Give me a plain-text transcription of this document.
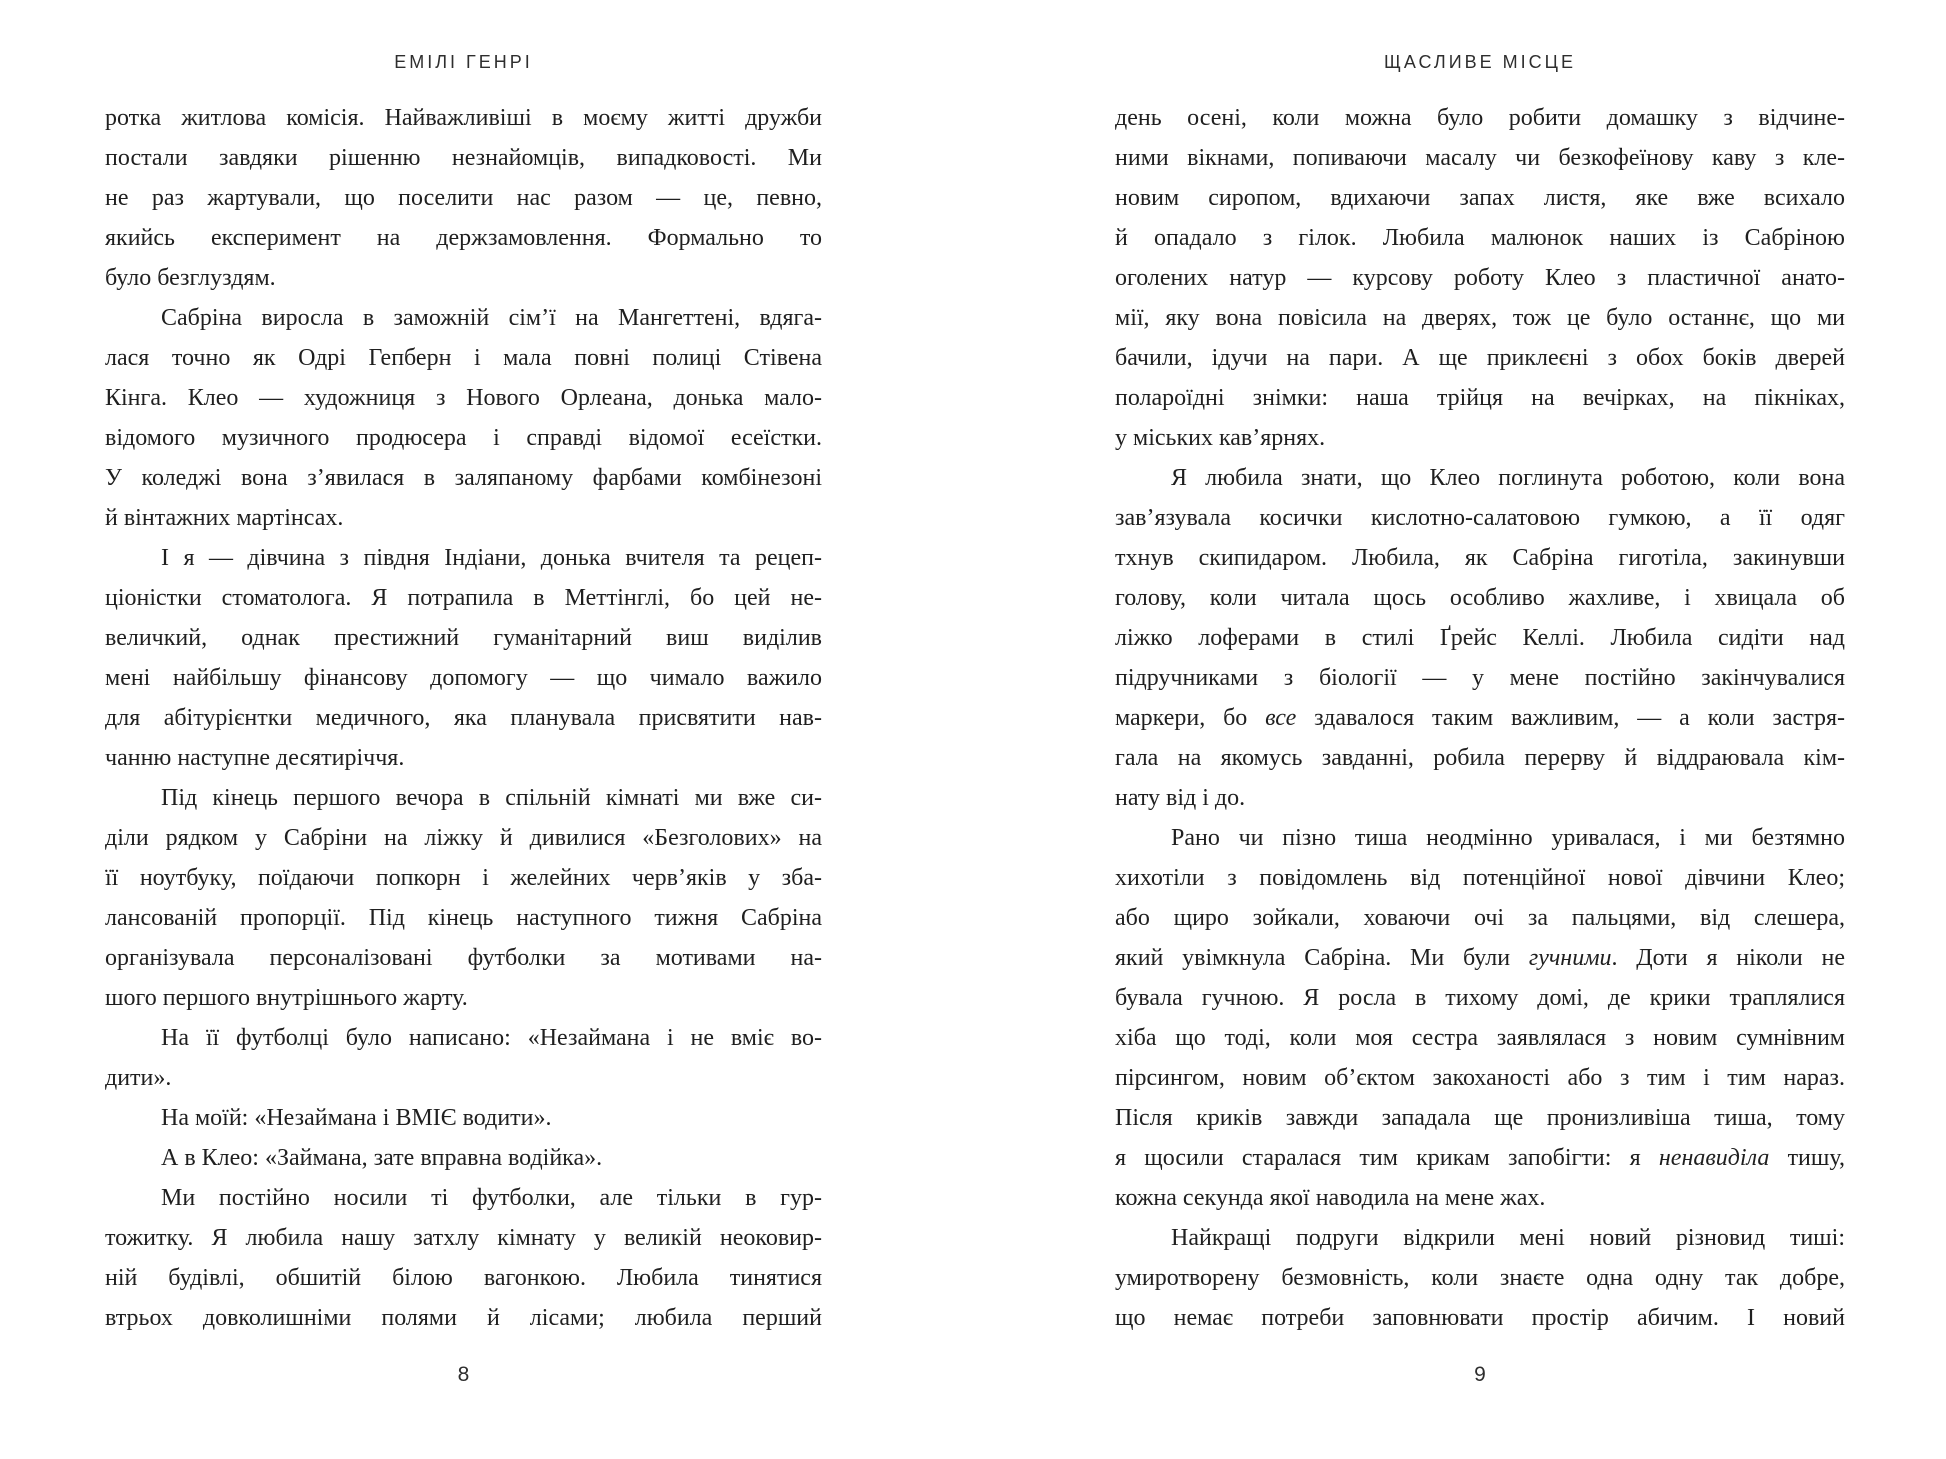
ЕМІЛІ ГЕНРІ
ротка житлова комісія. Найважливіші в моєму житті дружби
постали завдяки рішенню незнайомців, випадковості. Ми
не раз жартували, що поселити нас разом — це, певно,
якийсь експеримент на держзамовлення. Формально то
було безглуздям.
Сабріна виросла в заможній сім’ї на Мангеттені, вдяга-
лася точно як Одрі Гепберн і мала повні полиці Стівена
Кінга. Клео — художниця з Нового Орлеана, донька мало-
відомого музичного продюсера і справді відомої есеїстки.
У коледжі вона з’явилася в заляпаному фарбами комбінезоні
й вінтажних мартінсах.
І я — дівчина з півдня Індіани, донька вчителя та рецеп-
ціоністки стоматолога. Я потрапила в Меттінглі, бо цей не-
величкий, однак престижний гуманітарний виш виділив
мені найбільшу фінансову допомогу — що чимало важило
для абітурієнтки медичного, яка планувала присвятити нав-
чанню наступне десятиріччя.
Під кінець першого вечора в спільній кімнаті ми вже си-
діли рядком у Сабріни на ліжку й дивилися «Безголових» на
її ноутбуку, поїдаючи попкорн і желейних черв’яків у зба-
лансованій пропорції. Під кінець наступного тижня Сабріна
організувала персоналізовані футболки за мотивами на-
шого першого внутрішнього жарту.
На її футболці було написано: «Незаймана і не вміє во-
дити».
На моїй: «Незаймана і ВМІЄ водити».
А в Клео: «Займана, зате вправна водійка».
Ми постійно носили ті футболки, але тільки в гур-
тожитку. Я любила нашу затхлу кімнату у великій неоковир-
ній будівлі, обшитій білою вагонкою. Любила тинятися
втрьох довколишніми полями й лісами; любила перший
8
ЩАСЛИВЕ МІСЦЕ
день осені, коли можна було робити домашку з відчине-
ними вікнами, попиваючи масалу чи безкофеїнову каву з кле-
новим сиропом, вдихаючи запах листя, яке вже всихало
й опадало з гілок. Любила малюнок наших із Сабріною
оголених натур — курсову роботу Клео з пластичної анато-
мії, яку вона повісила на дверях, тож це було останнє, що ми
бачили, ідучи на пари. А ще приклеєні з обох боків дверей
полароїдні знімки: наша трійця на вечірках, на пікніках,
у міських кав’ярнях.
Я любила знати, що Клео поглинута роботою, коли вона
зав’язувала косички кислотно-салатовою гумкою, а її одяг
тхнув скипидаром. Любила, як Сабріна гиготіла, закинувши
голову, коли читала щось особливо жахливе, і хвицала об
ліжко лоферами в стилі Ґрейс Келлі. Любила сидіти над
підручниками з біології — у мене постійно закінчувалися
маркери, бо все здавалося таким важливим, — а коли застря-
гала на якомусь завданні, робила перерву й віддраювала кім-
нату від і до.
Рано чи пізно тиша неодмінно уривалася, і ми безтямно
хихотіли з повідомлень від потенційної нової дівчини Клео;
або щиро зойкали, ховаючи очі за пальцями, від слешера,
який увімкнула Сабріна. Ми були гучними. Доти я ніколи не
бувала гучною. Я росла в тихому домі, де крики траплялися
хіба що тоді, коли моя сестра заявлялася з новим сумнівним
пірсингом, новим об’єктом закоханості або з тим і тим нараз.
Після криків завжди западала ще пронизливіша тиша, тому
я щосили старалася тим крикам запобігти: я ненавиділа тишу,
кожна секунда якої наводила на мене жах.
Найкращі подруги відкрили мені новий різновид тиші:
умиротворену безмовність, коли знаєте одна одну так добре,
що немає потреби заповнювати простір абичим. І новий
9
